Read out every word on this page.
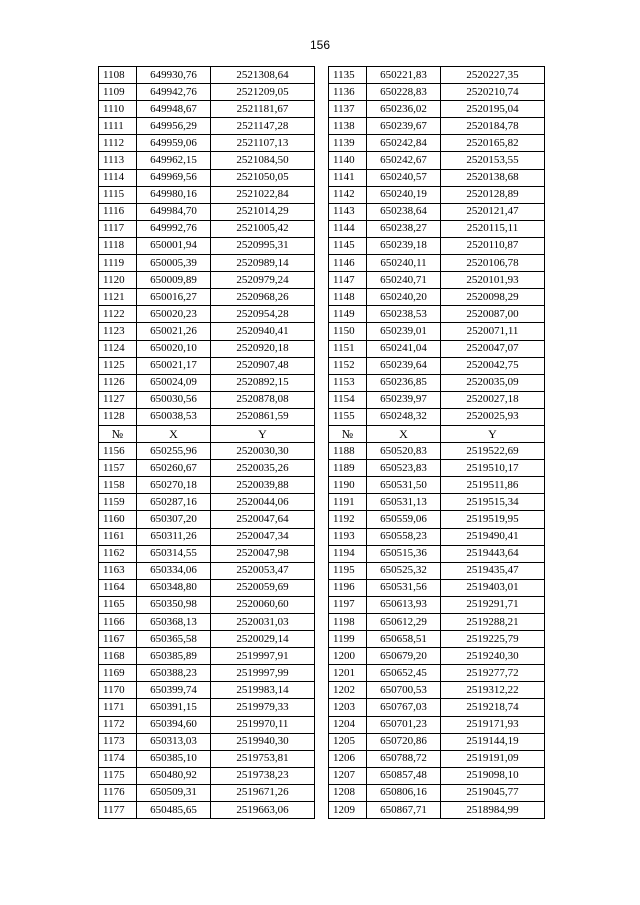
156
1108	649930,76	2521308,64		1135	650221,83	2520227,35
1109	649942,76	2521209,05		1136	650228,83	2520210,74
1110	649948,67	2521181,67		1137	650236,02	2520195,04
1111	649956,29	2521147,28		1138	650239,67	2520184,78
1112	649959,06	2521107,13		1139	650242,84	2520165,82
1113	649962,15	2521084,50		1140	650242,67	2520153,55
1114	649969,56	2521050,05		1141	650240,57	2520138,68
1115	649980,16	2521022,84		1142	650240,19	2520128,89
1116	649984,70	2521014,29		1143	650238,64	2520121,47
1117	649992,76	2521005,42		1144	650238,27	2520115,11
1118	650001,94	2520995,31		1145	650239,18	2520110,87
1119	650005,39	2520989,14		1146	650240,11	2520106,78
1120	650009,89	2520979,24		1147	650240,71	2520101,93
1121	650016,27	2520968,26		1148	650240,20	2520098,29
1122	650020,23	2520954,28		1149	650238,53	2520087,00
1123	650021,26	2520940,41		1150	650239,01	2520071,11
1124	650020,10	2520920,18		1151	650241,04	2520047,07
1125	650021,17	2520907,48		1152	650239,64	2520042,75
1126	650024,09	2520892,15		1153	650236,85	2520035,09
1127	650030,56	2520878,08		1154	650239,97	2520027,18
1128	650038,53	2520861,59		1155	650248,32	2520025,93
№	X	Y		№	X	Y
1156	650255,96	2520030,30		1188	650520,83	2519522,69
1157	650260,67	2520035,26		1189	650523,83	2519510,17
1158	650270,18	2520039,88		1190	650531,50	2519511,86
1159	650287,16	2520044,06		1191	650531,13	2519515,34
1160	650307,20	2520047,64		1192	650559,06	2519519,95
1161	650311,26	2520047,34		1193	650558,23	2519490,41
1162	650314,55	2520047,98		1194	650515,36	2519443,64
1163	650334,06	2520053,47		1195	650525,32	2519435,47
1164	650348,80	2520059,69		1196	650531,56	2519403,01
1165	650350,98	2520060,60		1197	650613,93	2519291,71
1166	650368,13	2520031,03		1198	650612,29	2519288,21
1167	650365,58	2520029,14		1199	650658,51	2519225,79
1168	650385,89	2519997,91		1200	650679,20	2519240,30
1169	650388,23	2519997,99		1201	650652,45	2519277,72
1170	650399,74	2519983,14		1202	650700,53	2519312,22
1171	650391,15	2519979,33		1203	650767,03	2519218,74
1172	650394,60	2519970,11		1204	650701,23	2519171,93
1173	650313,03	2519940,30		1205	650720,86	2519144,19
1174	650385,10	2519753,81		1206	650788,72	2519191,09
1175	650480,92	2519738,23		1207	650857,48	2519098,10
1176	650509,31	2519671,26		1208	650806,16	2519045,77
1177	650485,65	2519663,06		1209	650867,71	2518984,99
